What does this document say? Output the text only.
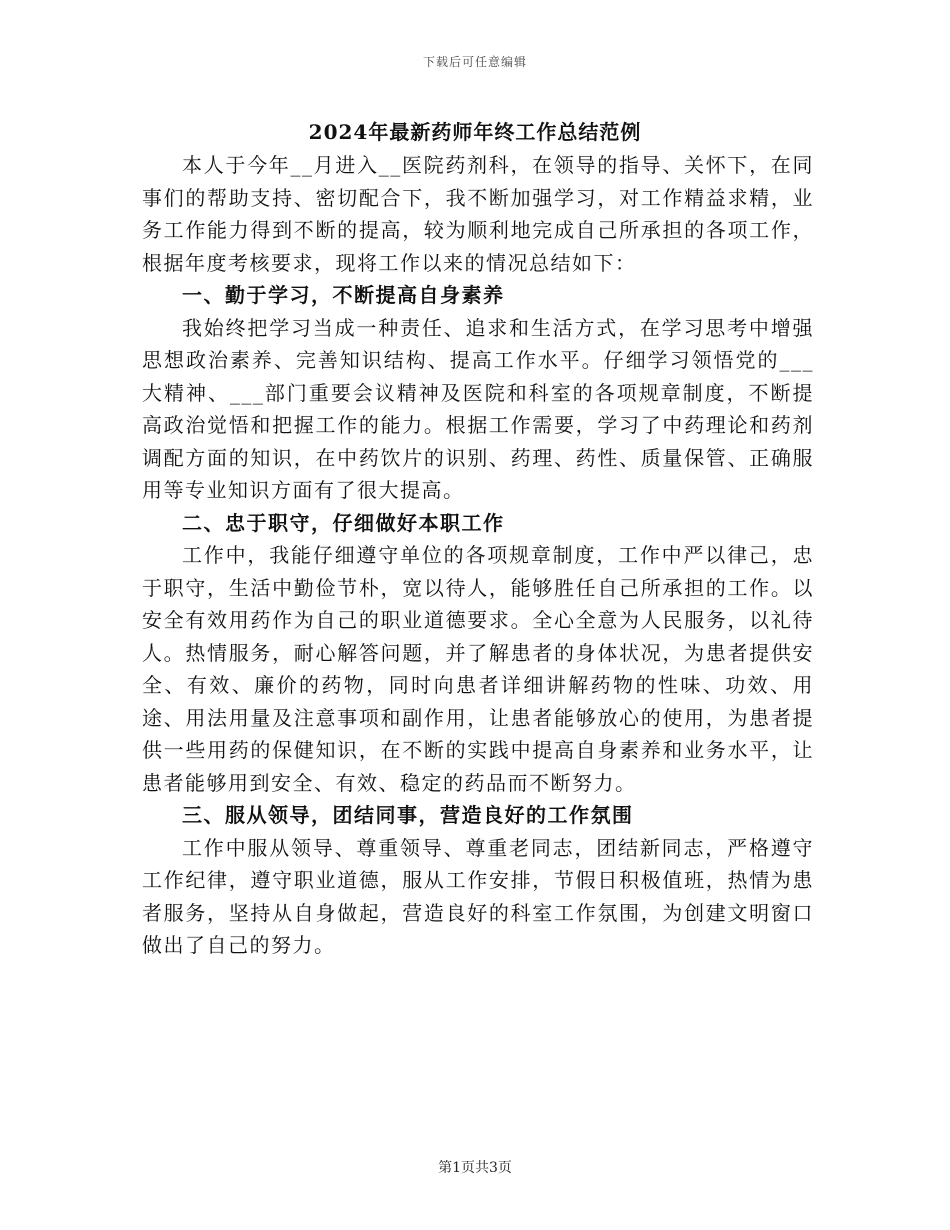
下载后可任意编辑
2024年最新药师年终工作总结范例

本人于今年__月进入__医院药剂科，在领导的指导、关怀下，在同事们的帮助支持、密切配合下，我不断加强学习，对工作精益求精，业务工作能力得到不断的提高，较为顺利地完成自己所承担的各项工作，根据年度考核要求，现将工作以来的情况总结如下：

一、勤于学习，不断提高自身素养

我始终把学习当成一种责任、追求和生活方式，在学习思考中增强思想政治素养、完善知识结构、提高工作水平。仔细学习领悟党的___大精神、___部门重要会议精神及医院和科室的各项规章制度，不断提高政治觉悟和把握工作的能力。根据工作需要，学习了中药理论和药剂调配方面的知识，在中药饮片的识别、药理、药性、质量保管、正确服用等专业知识方面有了很大提高。

二、忠于职守，仔细做好本职工作

工作中，我能仔细遵守单位的各项规章制度，工作中严以律己，忠于职守，生活中勤俭节朴，宽以待人，能够胜任自己所承担的工作。以安全有效用药作为自己的职业道德要求。全心全意为人民服务，以礼待人。热情服务，耐心解答问题，并了解患者的身体状况，为患者提供安全、有效、廉价的药物，同时向患者详细讲解药物的性味、功效、用途、用法用量及注意事项和副作用，让患者能够放心的使用，为患者提供一些用药的保健知识，在不断的实践中提高自身素养和业务水平，让患者能够用到安全、有效、稳定的药品而不断努力。

三、服从领导，团结同事，营造良好的工作氛围

工作中服从领导、尊重领导、尊重老同志，团结新同志，严格遵守工作纪律，遵守职业道德，服从工作安排，节假日积极值班，热情为患者服务，坚持从自身做起，营造良好的科室工作氛围，为创建文明窗口做出了自己的努力。

第1页共3页
